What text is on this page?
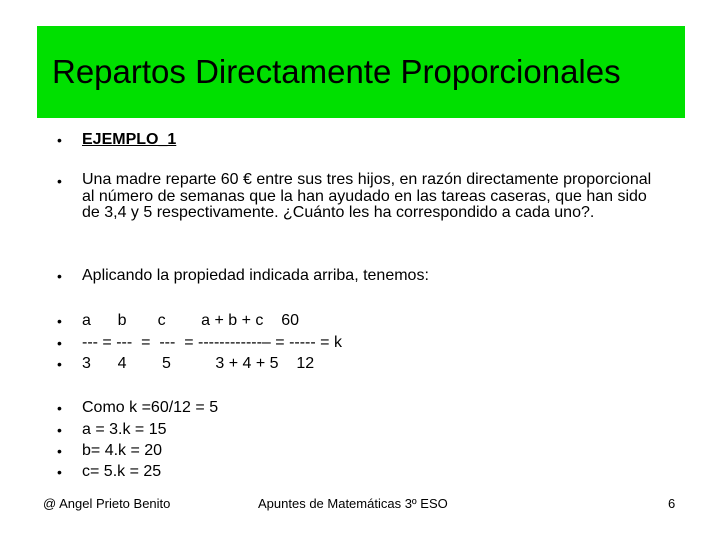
Repartos Directamente Proporcionales
• EJEMPLO_1
• Una madre reparte 60 € entre sus tres hijos, en razón directamente proporcional al número de semanas que la han ayudado en las tareas caseras, que han sido de 3,4 y 5 respectivamente. ¿Cuánto les ha correspondido a cada uno?.
• Aplicando la propiedad indicada arriba, tenemos:
• a      b       c        a + b + c    60
• --- = ---  =  ---  = ------------– = ----- = k
• 3      4        5          3 + 4 + 5    12
• Como k =60/12 = 5
• a = 3.k = 15
• b= 4.k = 20
• c= 5.k = 25
@ Angel Prieto Benito	Apuntes de Matemáticas 3º ESO	6
